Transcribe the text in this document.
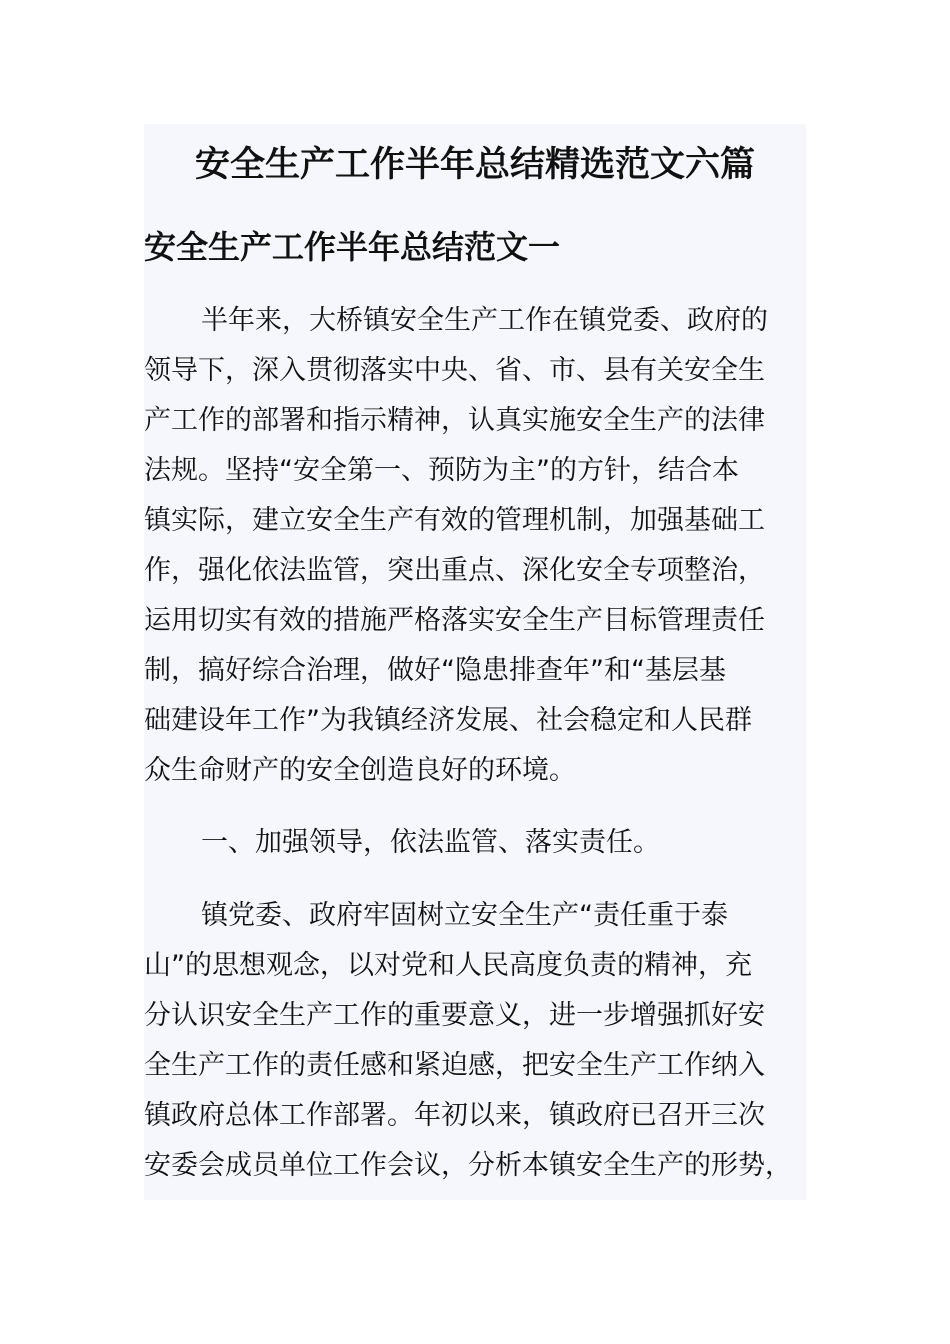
安全生产工作半年总结精选范文六篇
安全生产工作半年总结范文一
半年来，大桥镇安全生产工作在镇党委、政府的
领导下，深入贯彻落实中央、省、市、县有关安全生
产工作的部署和指示精神，认真实施安全生产的法律
法规。坚持“安全第一、预防为主”的方针，结合本
镇实际，建立安全生产有效的管理机制，加强基础工
作，强化依法监管，突出重点、深化安全专项整治，
运用切实有效的措施严格落实安全生产目标管理责任
制，搞好综合治理，做好“隐患排查年”和“基层基
础建设年工作”为我镇经济发展、社会稳定和人民群
众生命财产的安全创造良好的环境。
一、加强领导，依法监管、落实责任。
镇党委、政府牢固树立安全生产“责任重于泰
山”的思想观念，以对党和人民高度负责的精神，充
分认识安全生产工作的重要意义，进一步增强抓好安
全生产工作的责任感和紧迫感，把安全生产工作纳入
镇政府总体工作部署。年初以来，镇政府已召开三次
安委会成员单位工作会议，分析本镇安全生产的形势，
